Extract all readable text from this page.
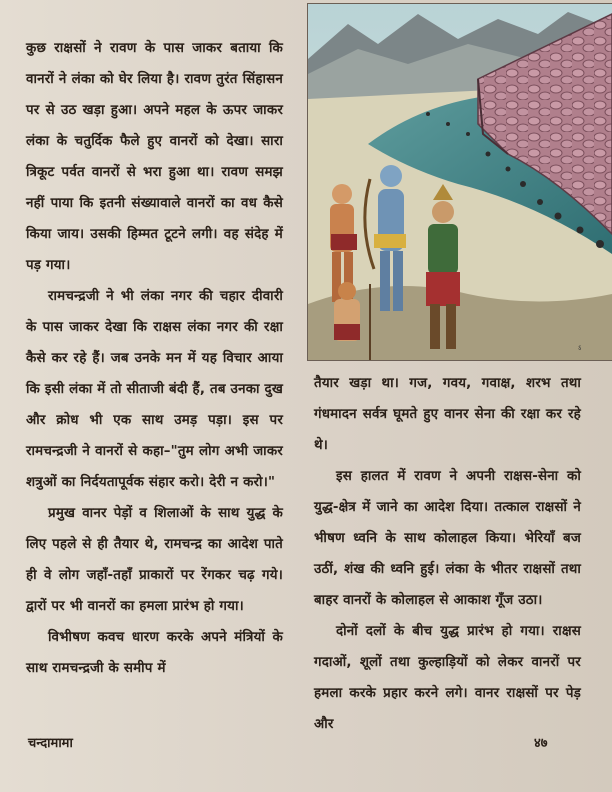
कुछ राक्षसों ने रावण के पास जाकर बताया कि वानरों ने लंका को घेर लिया है। रावण तुरंत सिंहासन पर से उठ खड़ा हुआ। अपने महल के ऊपर जाकर लंका के चतुर्दिक फैले हुए वानरों को देखा। सारा त्रिकूट पर्वत वानरों से भरा हुआ था। रावण समझ नहीं पाया कि इतनी संख्यावाले वानरों का वध कैसे किया जाय। उसकी हिम्मत टूटने लगी। वह संदेह में पड़ गया।

रामचन्द्रजी ने भी लंका नगर की चहार दीवारी के पास जाकर देखा कि राक्षस लंका नगर की रक्षा कैसे कर रहे हैं। जब उनके मन में यह विचार आया कि इसी लंका में तो सीताजी बंदी हैं, तब उनका दुख और क्रोध भी एक साथ उमड़ पड़ा। इस पर रामचन्द्रजी ने वानरों से कहा–"तुम लोग अभी जाकर शत्रुओं का निर्दयतापूर्वक संहार करो। देरी न करो।"

प्रमुख वानर पेड़ों व शिलाओं के साथ युद्ध के लिए पहले से ही तैयार थे, रामचन्द्र का आदेश पाते ही वे लोग जहाँ-तहाँ प्राकारों पर रेंगकर चढ़ गये। द्वारों पर भी वानरों का हमला प्रारंभ हो गया।

विभीषण कवच धारण करके अपने मंत्रियों के साथ रामचन्द्रजी के समीप में

ऽ

तैयार खड़ा था। गज, गवय, गवाक्ष, शरभ तथा गंधमादन सर्वत्र घूमते हुए वानर सेना की रक्षा कर रहे थे।

इस हालत में रावण ने अपनी राक्षस-सेना को युद्ध-क्षेत्र में जाने का आदेश दिया। तत्काल राक्षसों ने भीषण ध्वनि के साथ कोलाहल किया। भेरियाँ बज उठीं, शंख की ध्वनि हुई। लंका के भीतर राक्षसों तथा बाहर वानरों के कोलाहल से आकाश गूँज उठा।

दोनों दलों के बीच युद्ध प्रारंभ हो गया। राक्षस गदाओं, शूलों तथा कुल्हाड़ियों को लेकर वानरों पर हमला करके प्रहार करने लगे। वानर राक्षसों पर पेड़ और

चन्दामामा	४७
